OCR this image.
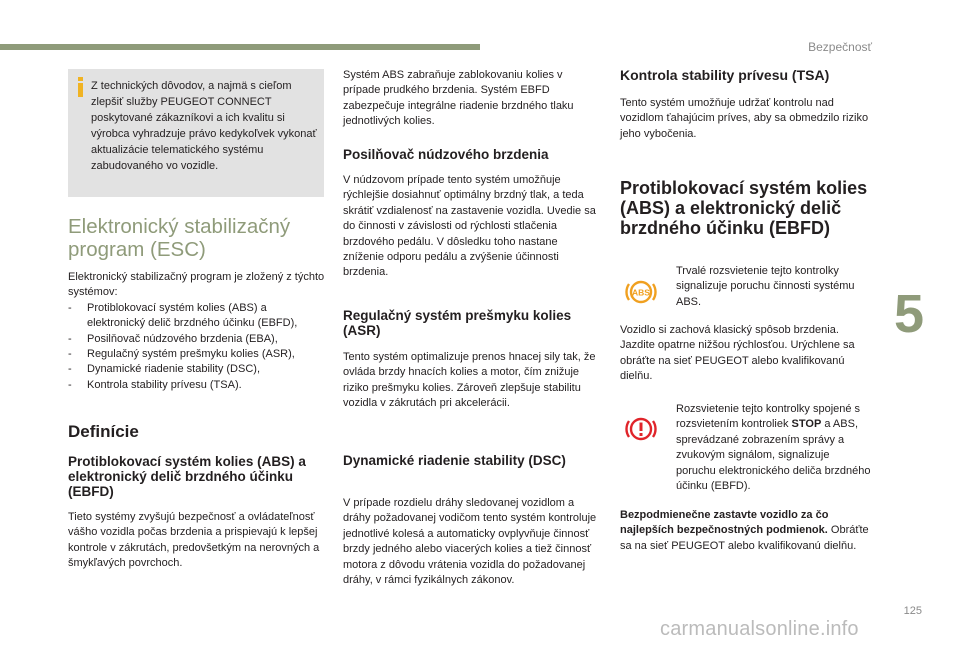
Bezpečnosť
5
125
carmanualsonline.info

Z technických dôvodov, a najmä s cieľom zlepšiť služby PEUGEOT CONNECT poskytované zákazníkovi a ich kvalitu si výrobca vyhradzuje právo kedykoľvek vykonať aktualizácie telematického systému zabudovaného vo vozidle.

Elektronický stabilizačný program (ESC)

Elektronický stabilizačný program je zložený z týchto systémov:

- Protiblokovací systém kolies (ABS) a elektronický delič brzdného účinku (EBFD),
- Posilňovač núdzového brzdenia (EBA),
- Regulačný systém prešmyku kolies (ASR),
- Dynamické riadenie stability (DSC),
- Kontrola stability prívesu (TSA).
Definície
Protiblokovací systém kolies (ABS) a elektronický delič brzdného účinku (EBFD)

Tieto systémy zvyšujú bezpečnosť a ovládateľnosť vášho vozidla počas brzdenia a prispievajú k lepšej kontrole v zákrutách, predovšetkým na nerovných a šmykľavých povrchoch.

Systém ABS zabraňuje zablokovaniu kolies v prípade prudkého brzdenia. Systém EBFD zabezpečuje integrálne riadenie brzdného tlaku jednotlivých kolies.

Posilňovač núdzového brzdenia

V núdzovom prípade tento systém umožňuje rýchlejšie dosiahnuť optimálny brzdný tlak, a teda skrátiť vzdialenosť na zastavenie vozidla. Uvedie sa do činnosti v závislosti od rýchlosti stlačenia brzdového pedálu. V dôsledku toho nastane zníženie odporu pedálu a zvýšenie účinnosti brzdenia.

Regulačný systém prešmyku kolies (ASR)

Tento systém optimalizuje prenos hnacej sily tak, že ovláda brzdy hnacích kolies a motor, čím znižuje riziko prešmyku kolies. Zároveň zlepšuje stabilitu vozidla v zákrutách pri akcelerácii.

Dynamické riadenie stability (DSC)

V prípade rozdielu dráhy sledovanej vozidlom a dráhy požadovanej vodičom tento systém kontroluje jednotlivé kolesá a automaticky ovplyvňuje činnosť brzdy jedného alebo viacerých kolies a tiež činnosť motora z dôvodu vrátenia vozidla do požadovanej dráhy, v rámci fyzikálnych zákonov.

Kontrola stability prívesu (TSA)

Tento systém umožňuje udržať kontrolu nad vozidlom ťahajúcim príves, aby sa obmedzilo riziko jeho vybočenia.

Protiblokovací systém kolies (ABS) a elektronický delič brzdného účinku (EBFD)
ABS

Trvalé rozsvietenie tejto kontrolky signalizuje poruchu činnosti systému ABS.

Vozidlo si zachová klasický spôsob brzdenia. Jazdite opatrne nižšou rýchlosťou. Urýchlene sa obráťte na sieť PEUGEOT alebo kvalifikovanú dielňu.

Rozsvietenie tejto kontrolky spojené s rozsvietením kontroliek STOP a ABS, sprevádzané zobrazením správy a zvukovým signálom, signalizuje poruchu elektronického deliča brzdného účinku (EBFD).

Bezpodmienečne zastavte vozidlo za čo najlepších bezpečnostných podmienok. Obráťte sa na sieť PEUGEOT alebo kvalifikovanú dielňu.
